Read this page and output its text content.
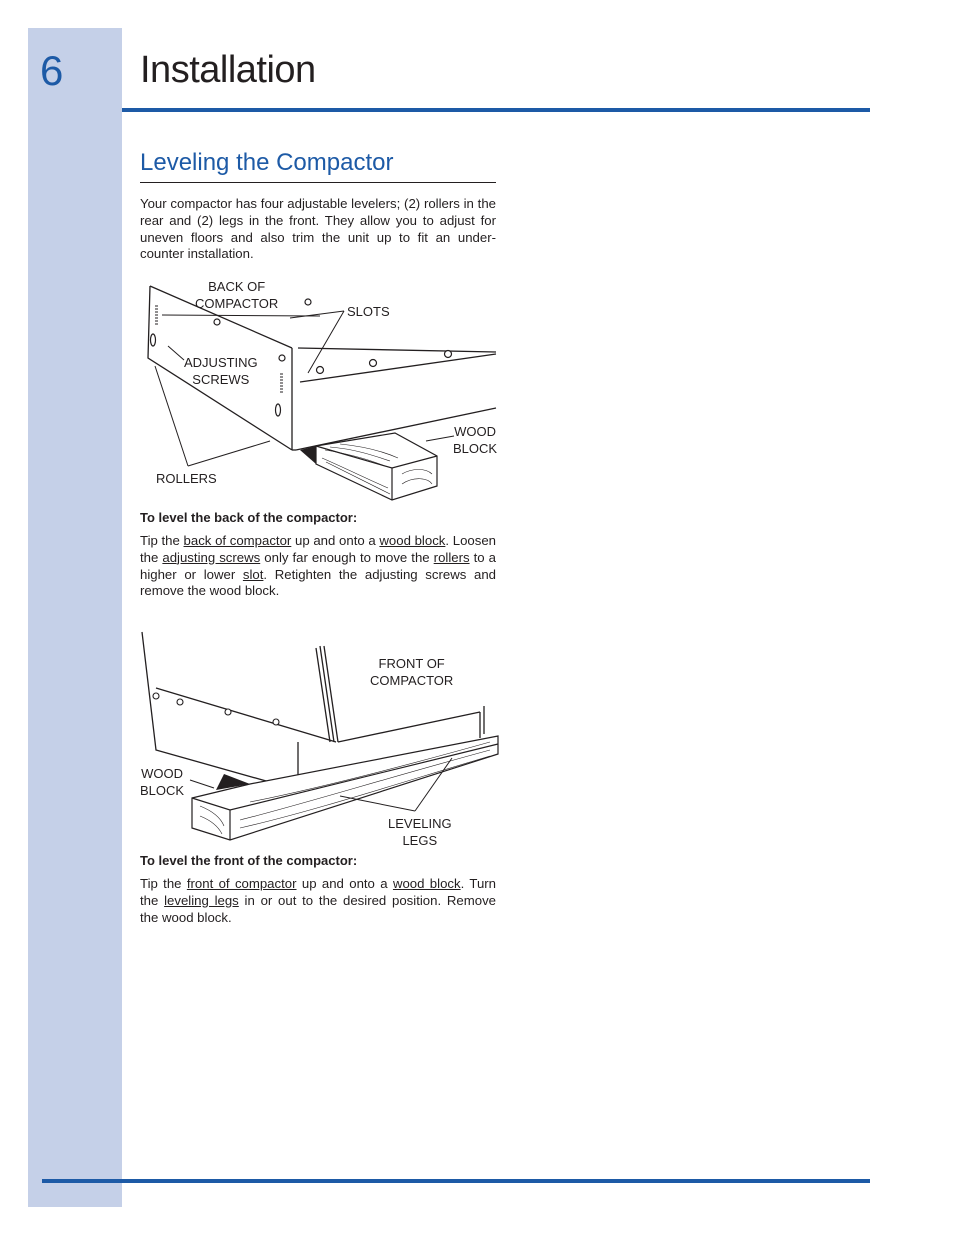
6 Installation
Leveling the Compactor
Your compactor has four adjustable levelers; (2) rollers in the rear and (2) legs in the front. They allow you to adjust for uneven floors and also trim the unit up to fit an under-counter installation.
BACK OF
COMPACTOR
SLOTS
ADJUSTING
SCREWS
WOOD
BLOCK
ROLLERS
To level the back of the compactor:
Tip the back of compactor up and onto a wood block. Loosen the adjusting screws only far enough to move the rollers to a higher or lower slot. Retighten the adjusting screws and remove the wood block.
FRONT OF
COMPACTOR
WOOD
BLOCK
LEVELING
LEGS
To level the front of the compactor:
Tip the front of compactor up and onto a wood block. Turn the leveling legs in or out to the desired position. Remove the wood block.
